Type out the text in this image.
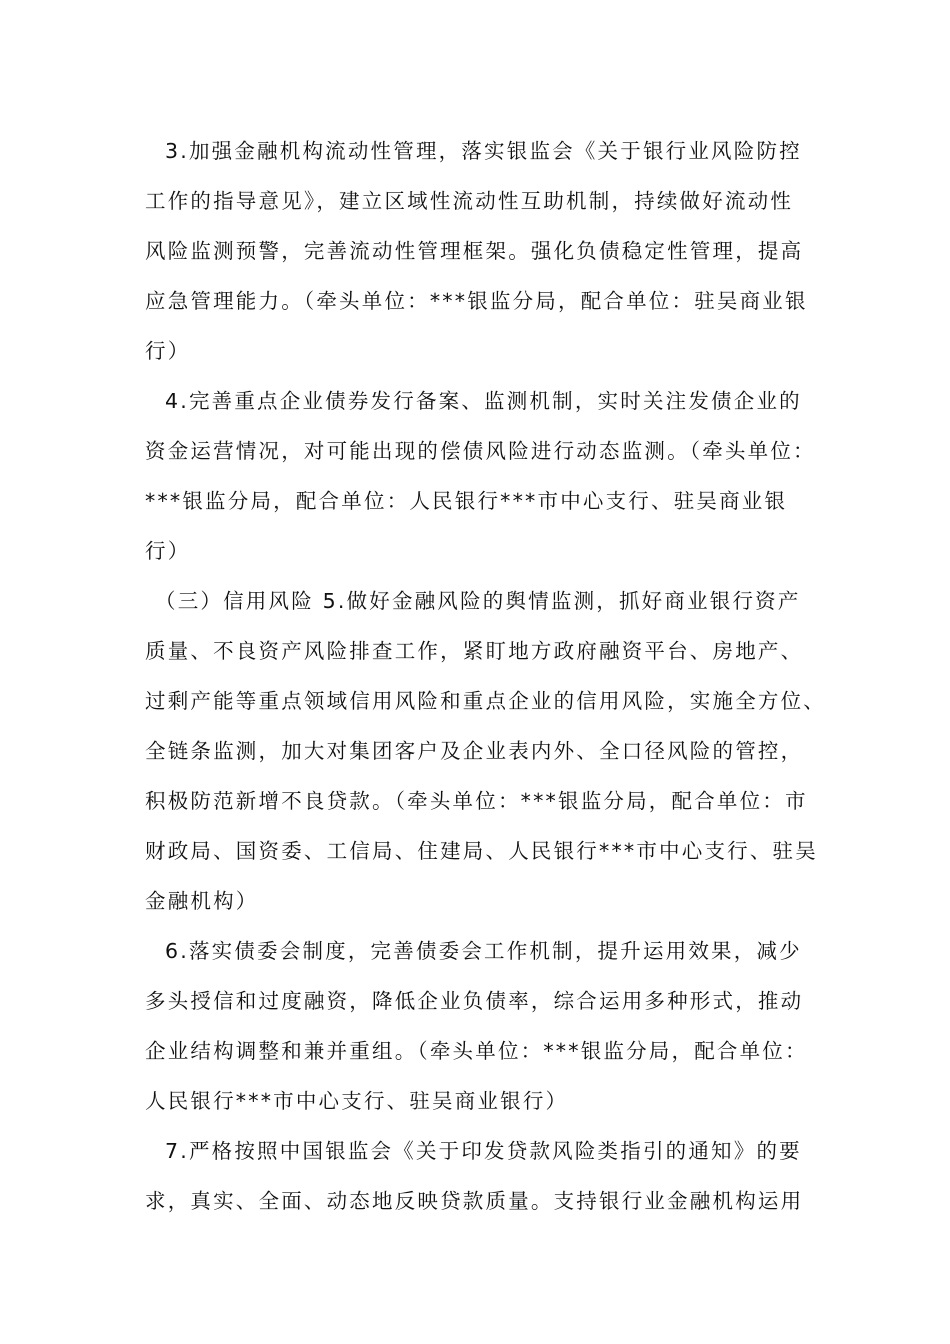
3.加强金融机构流动性管理，落实银监会《关于银行业风险防控
工作的指导意见》，建立区域性流动性互助机制，持续做好流动性
风险监测预警，完善流动性管理框架。强化负债稳定性管理，提高
应急管理能力。（牵头单位：***银监分局，配合单位：驻吴商业银
行）
4.完善重点企业债券发行备案、监测机制，实时关注发债企业的
资金运营情况，对可能出现的偿债风险进行动态监测。（牵头单位：
***银监分局，配合单位：人民银行***市中心支行、驻吴商业银
行）
（三）信用风险 5.做好金融风险的舆情监测，抓好商业银行资产
质量、不良资产风险排查工作，紧盯地方政府融资平台、房地产、
过剩产能等重点领域信用风险和重点企业的信用风险，实施全方位、
全链条监测，加大对集团客户及企业表内外、全口径风险的管控，
积极防范新增不良贷款。（牵头单位：***银监分局，配合单位：市
财政局、国资委、工信局、住建局、人民银行***市中心支行、驻吴
金融机构）
6.落实债委会制度，完善债委会工作机制，提升运用效果，减少
多头授信和过度融资，降低企业负债率，综合运用多种形式，推动
企业结构调整和兼并重组。（牵头单位：***银监分局，配合单位：
人民银行***市中心支行、驻吴商业银行）
7.严格按照中国银监会《关于印发贷款风险类指引的通知》的要
求，真实、全面、动态地反映贷款质量。支持银行业金融机构运用
